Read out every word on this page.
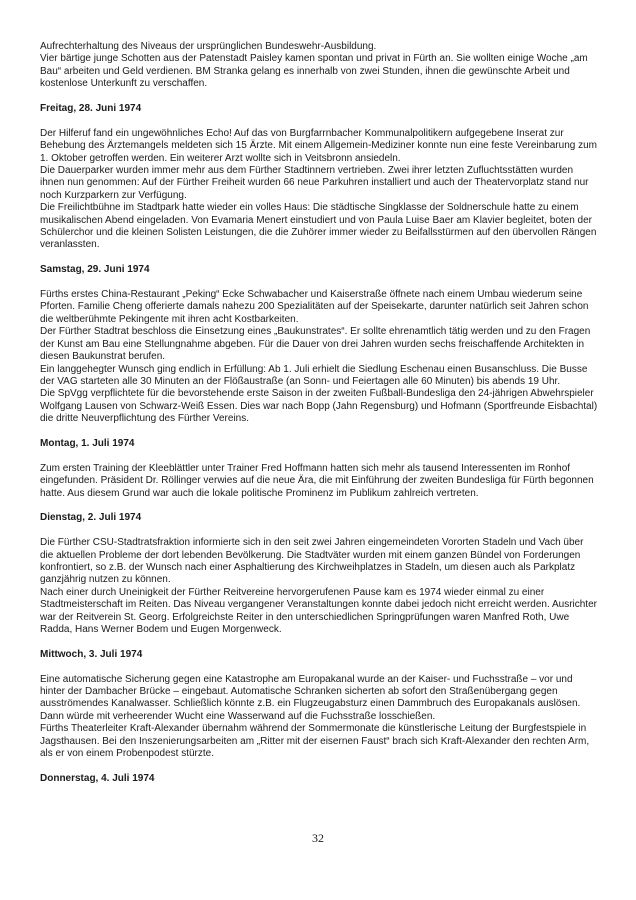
Aufrechterhaltung des Niveaus der ursprünglichen Bundeswehr-Ausbildung.

Vier bärtige junge Schotten aus der Patenstadt Paisley kamen spontan und privat in Fürth an. Sie wollten einige Woche „am Bau“ arbeiten und Geld verdienen. BM Stranka gelang es innerhalb von zwei Stunden, ihnen die gewünschte Arbeit und kostenlose Unterkunft zu verschaffen.

Freitag, 28. Juni 1974

Der Hilferuf fand ein ungewöhnliches Echo! Auf das von Burgfarrnbacher Kommunalpolitikern aufgegebene Inserat zur Behebung des Ärztemangels meldeten sich 15 Ärzte. Mit einem Allgemein-Mediziner konnte nun eine feste Vereinbarung zum 1. Oktober getroffen werden. Ein weiterer Arzt wollte sich in Veitsbronn ansiedeln.

Die Dauerparker wurden immer mehr aus dem Fürther Stadtinnern vertrieben. Zwei ihrer letzten Zufluchtsstätten wurden ihnen nun genommen: Auf der Fürther Freiheit wurden 66 neue Parkuhren installiert und auch der Theatervorplatz stand nur noch Kurzparkern zur Verfügung.

Die Freilichtbühne im Stadtpark hatte wieder ein volles Haus: Die städtische Singklasse der Soldnerschule hatte zu einem musikalischen Abend eingeladen. Von Evamaria Menert einstudiert und von Paula Luise Baer am Klavier begleitet, boten der Schülerchor und die kleinen Solisten Leistungen, die die Zuhörer immer wieder zu Beifallsstürmen auf den übervollen Rängen veranlassten.

Samstag, 29. Juni 1974

Fürths erstes China-Restaurant „Peking“ Ecke Schwabacher und Kaiserstraße öffnete nach einem Umbau wiederum seine Pforten. Familie Cheng offerierte damals nahezu 200 Spezialitäten auf der Speisekarte, darunter natürlich seit Jahren schon die weltberühmte Pekingente mit ihren acht Kostbarkeiten.

Der Fürther Stadtrat beschloss die Einsetzung eines „Baukunstrates“. Er sollte ehrenamtlich tätig werden und zu den Fragen der Kunst am Bau eine Stellungnahme abgeben. Für die Dauer von drei Jahren wurden sechs freischaffende Architekten in diesen Baukunstrat berufen.

Ein langgehegter Wunsch ging endlich in Erfüllung: Ab 1. Juli erhielt die Siedlung Eschenau einen Busanschluss. Die Busse der VAG starteten alle 30 Minuten an der Flößaustraße (an Sonn- und Feiertagen alle 60 Minuten) bis abends 19 Uhr.

Die SpVgg verpflichtete für die bevorstehende erste Saison in der zweiten Fußball-Bundesliga den 24-jährigen Abwehrspieler Wolfgang Lausen von Schwarz-Weiß Essen. Dies war nach Bopp (Jahn Regensburg) und Hofmann (Sportfreunde Eisbachtal) die dritte Neuverpflichtung des Fürther Vereins.

Montag, 1. Juli 1974

Zum ersten Training der Kleeblättler unter Trainer Fred Hoffmann hatten sich mehr als tausend Interessenten im Ronhof eingefunden. Präsident Dr. Röllinger verwies auf die neue Ära, die mit Einführung der zweiten Bundesliga für Fürth begonnen hatte. Aus diesem Grund war auch die lokale politische Prominenz im Publikum zahlreich vertreten.

Dienstag, 2. Juli 1974

Die Fürther CSU-Stadtratsfraktion informierte sich in den seit zwei Jahren eingemeindeten Vororten Stadeln und Vach über die aktuellen Probleme der dort lebenden Bevölkerung. Die Stadtväter wurden mit einem ganzen Bündel von Forderungen konfrontiert, so z.B. der Wunsch nach einer Asphaltierung des Kirchweihplatzes in Stadeln, um diesen auch als Parkplatz ganzjährig nutzen zu können.

Nach einer durch Uneinigkeit der Fürther Reitvereine hervorgerufenen Pause kam es 1974 wieder einmal zu einer Stadtmeisterschaft im Reiten. Das Niveau vergangener Veranstaltungen konnte dabei jedoch nicht erreicht werden. Ausrichter war der Reitverein St. Georg. Erfolgreichste Reiter in den unterschiedlichen Springprüfungen waren Manfred Roth, Uwe Radda, Hans Werner Bodem und Eugen Morgenweck.

Mittwoch, 3. Juli 1974

Eine automatische Sicherung gegen eine Katastrophe am Europakanal wurde an der Kaiser- und Fuchsstraße – vor und hinter der Dambacher Brücke – eingebaut. Automatische Schranken sicherten ab sofort den Straßenübergang gegen ausströmendes Kanalwasser. Schließlich könnte z.B. ein Flugzeugabsturz einen Dammbruch des Europakanals auslösen. Dann würde mit verheerender Wucht eine Wasserwand auf die Fuchsstraße losschießen.

Fürths Theaterleiter Kraft-Alexander übernahm während der Sommermonate die künstlerische Leitung der Burgfestspiele in Jagsthausen. Bei den Inszenierungsarbeiten am „Ritter mit der eisernen Faust“ brach sich Kraft-Alexander den rechten Arm, als er von einem Probenpodest stürzte.

Donnerstag, 4. Juli 1974
32
